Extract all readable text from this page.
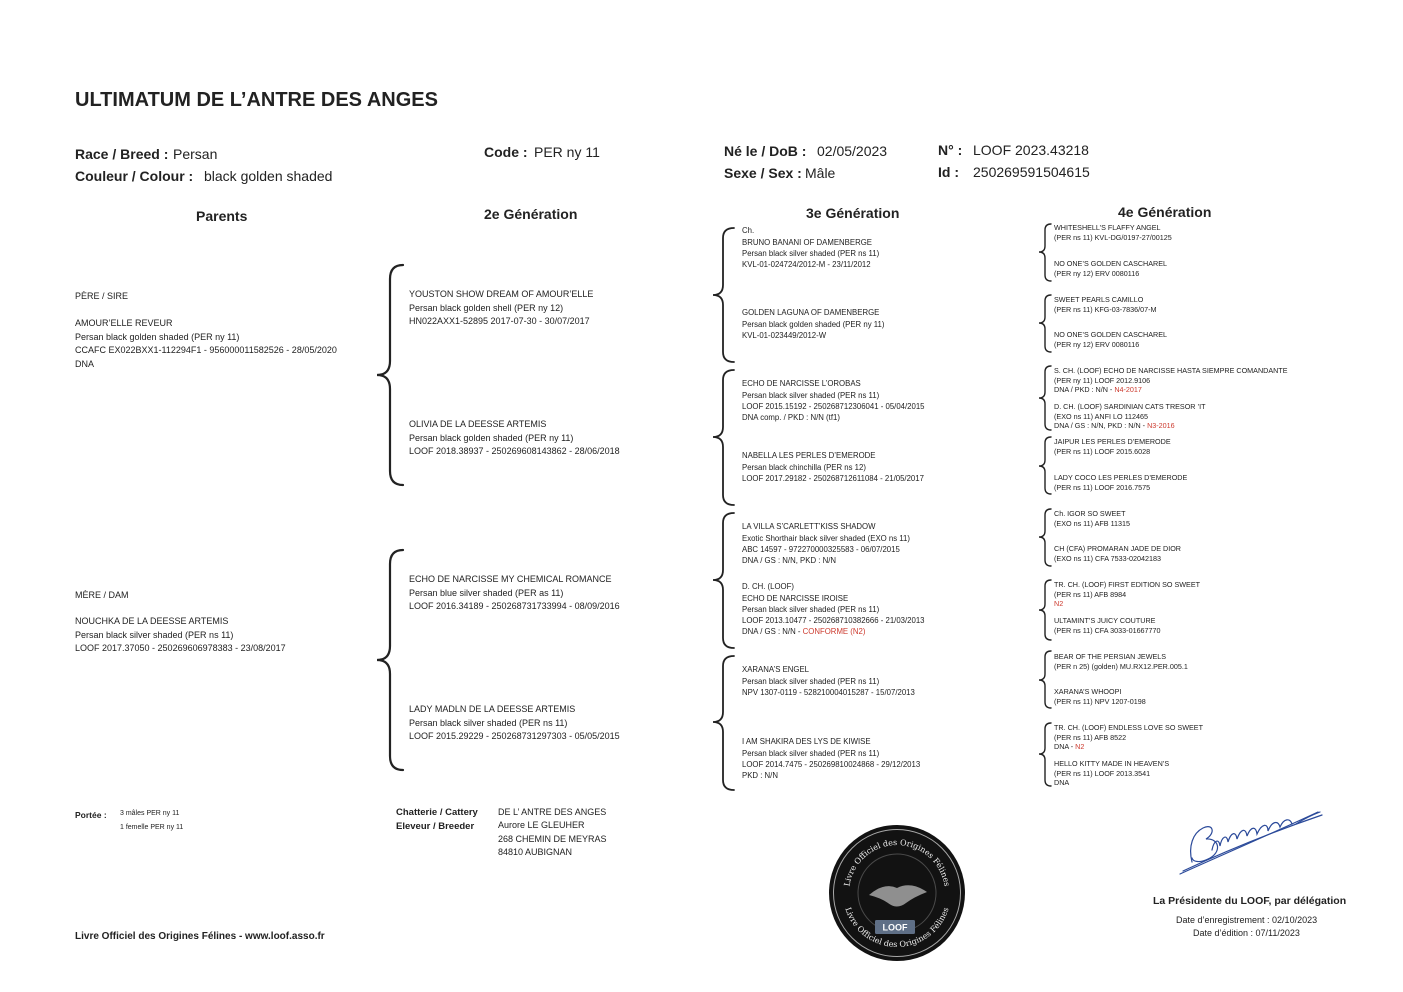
ULTIMATUM DE L’ANTRE DES ANGES
Race / Breed : Persan
Couleur / Colour : black golden shaded
Code : PER ny 11	Né le / DoB : 02/05/2023
Sexe / Sex : Mâle
N° : LOOF 2023.43218
Id : 250269591504615
Parents	2e Génération	3e Génération	4e Génération
PÈRE / SIRE
AMOUR’ELLE REVEUR
Persan black golden shaded (PER ny 11)
CCAFC EX022BXX1-112294F1 - 956000011582526 - 28/05/2020
DNA
MÈRE / DAM
NOUCHKA DE LA DEESSE ARTEMIS
Persan black silver shaded (PER ns 11)
LOOF 2017.37050 - 250269606978383 - 23/08/2017
YOUSTON SHOW DREAM OF AMOUR’ELLE
Persan black golden shell (PER ny 12)
HN022AXX1-52895 2017-07-30 - 30/07/2017
OLIVIA DE LA DEESSE ARTEMIS
Persan black golden shaded (PER ny 11)
LOOF 2018.38937 - 250269608143862 - 28/06/2018
ECHO DE NARCISSE MY CHEMICAL ROMANCE
Persan blue silver shaded (PER as 11)
LOOF 2016.34189 - 250268731733994 - 08/09/2016
LADY MADLN DE LA DEESSE ARTEMIS
Persan black silver shaded (PER ns 11)
LOOF 2015.29229 - 250268731297303 - 05/05/2015
Ch.
BRUNO BANANI OF DAMENBERGE
Persan black silver shaded (PER ns 11)
KVL-01-024724/2012-M - 23/11/2012
GOLDEN LAGUNA OF DAMENBERGE
Persan black golden shaded (PER ny 11)
KVL-01-023449/2012-W
ECHO DE NARCISSE L’OROBAS
Persan black silver shaded (PER ns 11)
LOOF 2015.15192 - 250268712306041 - 05/04/2015
DNA comp. / PKD : N/N (tf1)
NABELLA LES PERLES D’EMERODE
Persan black chinchilla (PER ns 12)
LOOF 2017.29182 - 250268712611084 - 21/05/2017
LA VILLA S’CARLETT’KISS SHADOW
Exotic Shorthair black silver shaded (EXO ns 11)
ABC 14597 - 972270000325583 - 06/07/2015
DNA / GS : N/N, PKD : N/N
D. CH. (LOOF)
ECHO DE NARCISSE IROISE
Persan black silver shaded (PER ns 11)
LOOF 2013.10477 - 250268710382666 - 21/03/2013
DNA / GS : N/N - CONFORME (N2)
XARANA’S ENGEL
Persan black silver shaded (PER ns 11)
NPV 1307-0119 - 528210004015287 - 15/07/2013
I AM SHAKIRA DES LYS DE KIWISE
Persan black silver shaded (PER ns 11)
LOOF 2014.7475 - 250269810024868 - 29/12/2013
PKD : N/N
WHITESHELL’S FLAFFY ANGEL
(PER ns 11) KVL-DG/0197-27/00125
NO ONE’S GOLDEN CASCHAREL
(PER ny 12) ERV 0080116
SWEET PEARLS CAMILLO
(PER ns 11) KFG-03-7836/07-M
NO ONE’S GOLDEN CASCHAREL
(PER ny 12) ERV 0080116
S. CH. (LOOF) ECHO DE NARCISSE HASTA SIEMPRE COMANDANTE
(PER ny 11) LOOF 2012.9106
DNA / PKD : N/N - N4-2017
D. CH. (LOOF) SARDINIAN CATS TRESOR ’IT
(EXO ns 11) ANFI LO 112465
DNA / GS : N/N, PKD : N/N - N3-2016
JAIPUR LES PERLES D’EMERODE
(PER ns 11) LOOF 2015.6028
LADY COCO LES PERLES D’EMERODE
(PER ns 11) LOOF 2016.7575
Ch. IGOR SO SWEET
(EXO ns 11) AFB 11315
CH (CFA) PROMARAN JADE DE DIOR
(EXO ns 11) CFA 7533-02042183
TR. CH. (LOOF) FIRST EDITION SO SWEET
(PER ns 11) AFB 8984
N2
ULTAMINT’S JUICY COUTURE
(PER ns 11) CFA 3033-01667770
BEAR OF THE PERSIAN JEWELS
(PER n 25) (golden) MU.RX12.PER.005.1
XARANA’S WHOOPI
(PER ns 11) NPV 1207-0198
TR. CH. (LOOF) ENDLESS LOVE SO SWEET
(PER ns 11) AFB 8522
DNA - N2
HELLO KITTY MADE IN HEAVEN’S
(PER ns 11) LOOF 2013.3541
DNA
Portée : 3 mâles PER ny 11
1 femelle PER ny 11
Chatterie / Cattery
Eleveur / Breeder
DE L’ ANTRE DES ANGES
Aurore LE GLEUHER
268 CHEMIN DE MEYRAS
84810 AUBIGNAN
Livre Officiel des Origines Félines
Livre Officiel des Origines Félines
LOOF
La Présidente du LOOF, par délégation
Date d’enregistrement : 02/10/2023
Date d’édition : 07/11/2023
Livre Officiel des Origines Félines - www.loof.asso.fr
